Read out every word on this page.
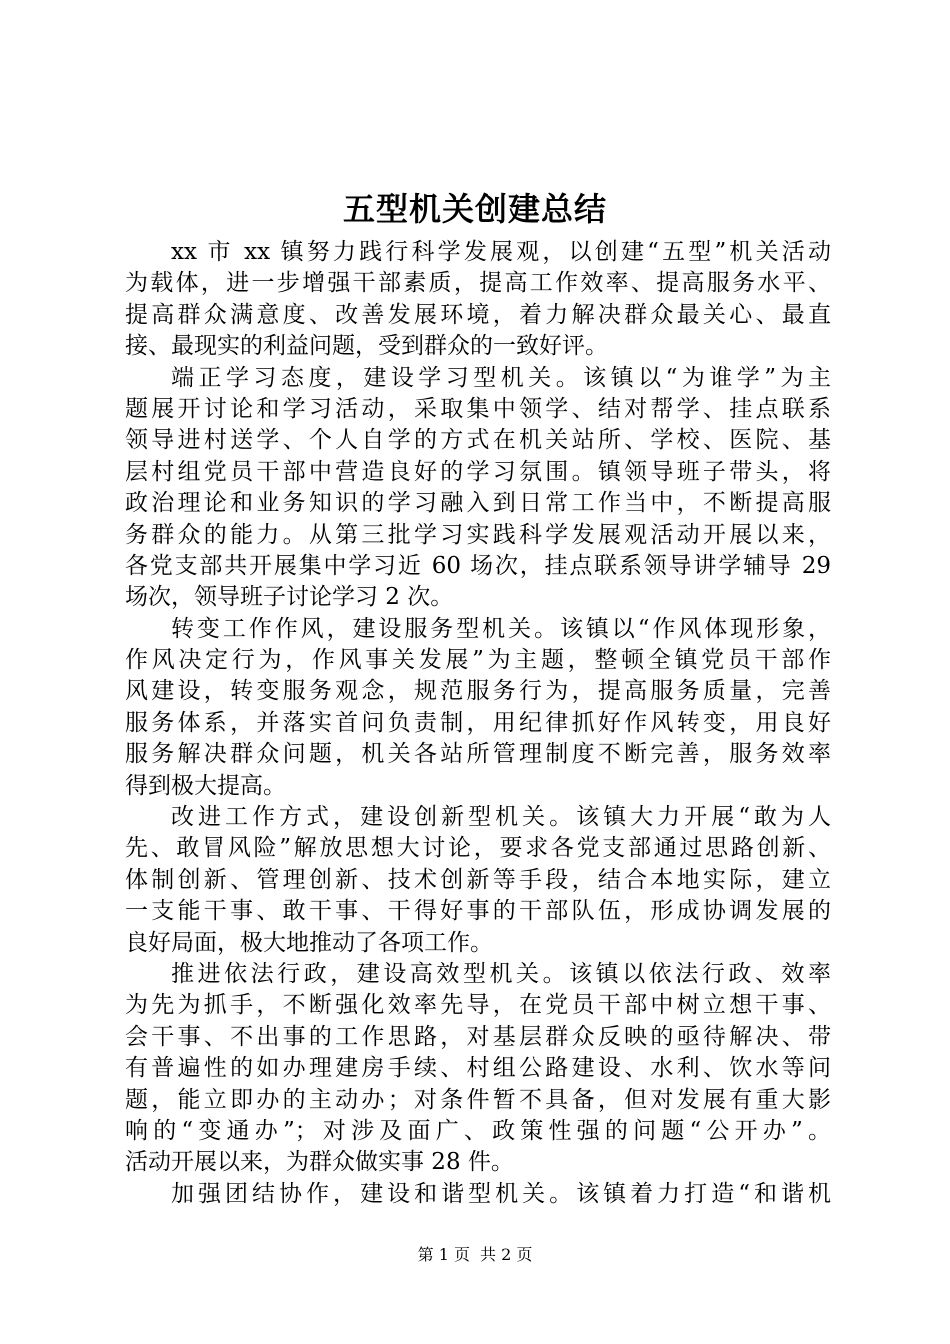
五型机关创建总结
xx 市 xx 镇努力践行科学发展观，以创建“五型”机关活动
为载体，进一步增强干部素质，提高工作效率、提高服务水平、
提高群众满意度、改善发展环境，着力解决群众最关心、最直
接、最现实的利益问题，受到群众的一致好评。
端正学习态度，建设学习型机关。该镇以“为谁学”为主
题展开讨论和学习活动，采取集中领学、结对帮学、挂点联系
领导进村送学、个人自学的方式在机关站所、学校、医院、基
层村组党员干部中营造良好的学习氛围。镇领导班子带头，将
政治理论和业务知识的学习融入到日常工作当中，不断提高服
务群众的能力。从第三批学习实践科学发展观活动开展以来，
各党支部共开展集中学习近 60 场次，挂点联系领导讲学辅导 29
场次，领导班子讨论学习 2 次。
转变工作作风，建设服务型机关。该镇以“作风体现形象，
作风决定行为，作风事关发展”为主题，整顿全镇党员干部作
风建设，转变服务观念，规范服务行为，提高服务质量，完善
服务体系，并落实首问负责制，用纪律抓好作风转变，用良好
服务解决群众问题，机关各站所管理制度不断完善，服务效率
得到极大提高。
改进工作方式，建设创新型机关。该镇大力开展“敢为人
先、敢冒风险”解放思想大讨论，要求各党支部通过思路创新、
体制创新、管理创新、技术创新等手段，结合本地实际，建立
一支能干事、敢干事、干得好事的干部队伍，形成协调发展的
良好局面，极大地推动了各项工作。
推进依法行政，建设高效型机关。该镇以依法行政、效率
为先为抓手，不断强化效率先导，在党员干部中树立想干事、
会干事、不出事的工作思路，对基层群众反映的亟待解决、带
有普遍性的如办理建房手续、村组公路建设、水利、饮水等问
题，能立即办的主动办；对条件暂不具备，但对发展有重大影
响的“变通办”；对涉及面广、政策性强的问题“公开办”。
活动开展以来，为群众做实事 28 件。
加强团结协作，建设和谐型机关。该镇着力打造“和谐机
第 1 页 共 2 页
